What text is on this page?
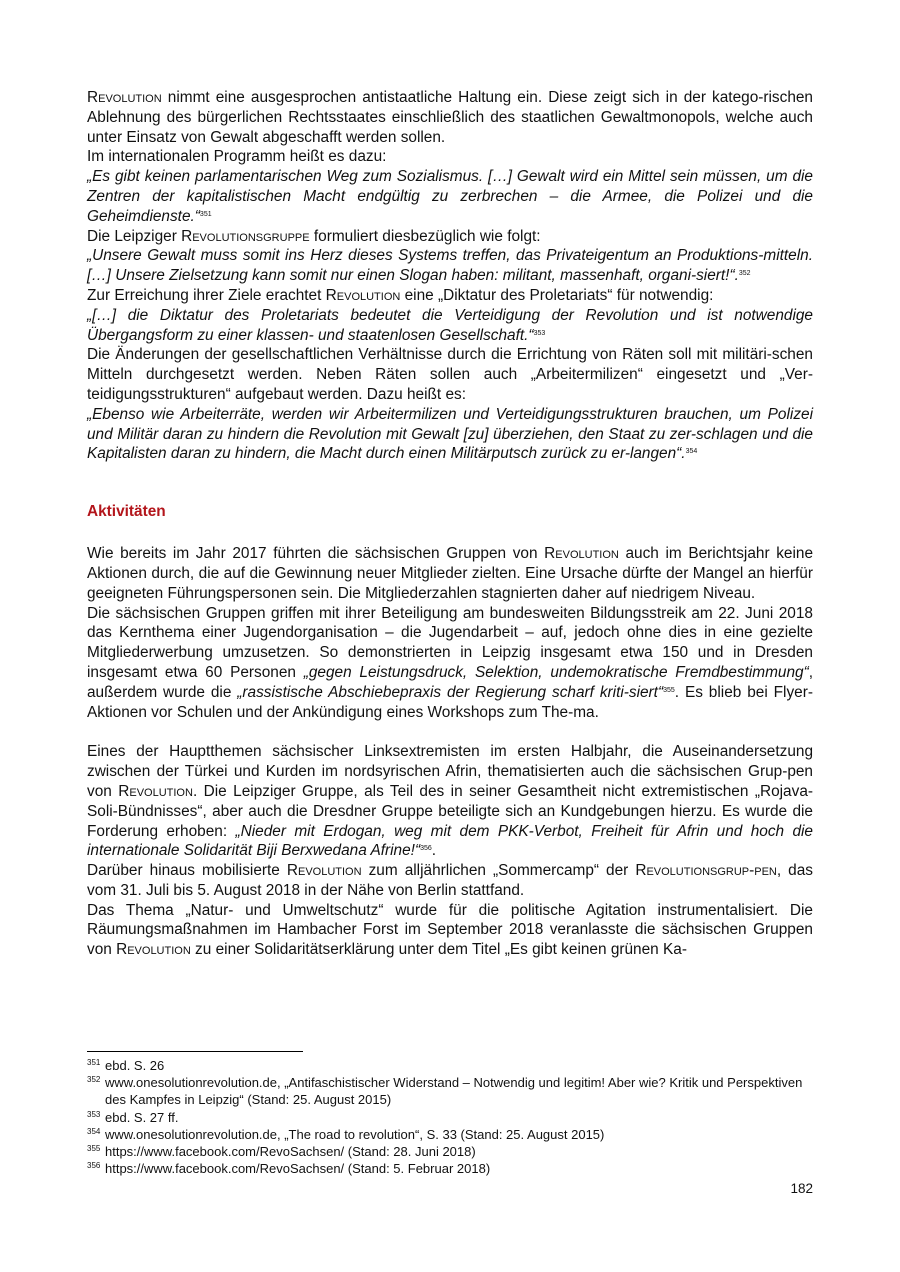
Revolution nimmt eine ausgesprochen antistaatliche Haltung ein. Diese zeigt sich in der katego-rischen Ablehnung des bürgerlichen Rechtsstaates einschließlich des staatlichen Gewaltmonopols, welche auch unter Einsatz von Gewalt abgeschafft werden sollen.

Im internationalen Programm heißt es dazu:

„Es gibt keinen parlamentarischen Weg zum Sozialismus. […] Gewalt wird ein Mittel sein müssen, um die Zentren der kapitalistischen Macht endgültig zu zerbrechen – die Armee, die Polizei und die Geheimdienste.“$^{351}$

Die Leipziger Revolutionsgruppe formuliert diesbezüglich wie folgt:

„Unsere Gewalt muss somit ins Herz dieses Systems treffen, das Privateigentum an Produktions-mitteln. […] Unsere Zielsetzung kann somit nur einen Slogan haben: militant, massenhaft, organi-siert!“.$^{352}$

Zur Erreichung ihrer Ziele erachtet Revolution eine „Diktatur des Proletariats“ für notwendig:

„[…] die Diktatur des Proletariats bedeutet die Verteidigung der Revolution und ist notwendige Übergangsform zu einer klassen- und staatenlosen Gesellschaft.“$^{353}$

Die Änderungen der gesellschaftlichen Verhältnisse durch die Errichtung von Räten soll mit militäri-schen Mitteln durchgesetzt werden. Neben Räten sollen auch „Arbeitermilizen“ eingesetzt und „Ver-teidigungsstrukturen“ aufgebaut werden. Dazu heißt es:

„Ebenso wie Arbeiterräte, werden wir Arbeitermilizen und Verteidigungsstrukturen brauchen, um Polizei und Militär daran zu hindern die Revolution mit Gewalt [zu] überziehen, den Staat zu zer-schlagen und die Kapitalisten daran zu hindern, die Macht durch einen Militärputsch zurück zu er-langen“.$^{354}$

Aktivitäten

Wie bereits im Jahr 2017 führten die sächsischen Gruppen von Revolution auch im Berichtsjahr keine Aktionen durch, die auf die Gewinnung neuer Mitglieder zielten. Eine Ursache dürfte der Mangel an hierfür geeigneten Führungspersonen sein. Die Mitgliederzahlen stagnierten daher auf niedrigem Niveau.

Die sächsischen Gruppen griffen mit ihrer Beteiligung am bundesweiten Bildungsstreik am 22. Juni 2018 das Kernthema einer Jugendorganisation – die Jugendarbeit – auf, jedoch ohne dies in eine gezielte Mitgliederwerbung umzusetzen. So demonstrierten in Leipzig insgesamt etwa 150 und in Dresden insgesamt etwa 60 Personen „gegen Leistungsdruck, Selektion, undemokratische Fremdbestimmung“, außerdem wurde die „rassistische Abschiebepraxis der Regierung scharf kriti-siert“$^{355}$. Es blieb bei Flyer-Aktionen vor Schulen und der Ankündigung eines Workshops zum The-ma.

Eines der Hauptthemen sächsischer Linksextremisten im ersten Halbjahr, die Auseinandersetzung zwischen der Türkei und Kurden im nordsyrischen Afrin, thematisierten auch die sächsischen Grup-pen von Revolution. Die Leipziger Gruppe, als Teil des in seiner Gesamtheit nicht extremistischen „Rojava-Soli-Bündnisses“, aber auch die Dresdner Gruppe beteiligte sich an Kundgebungen hierzu. Es wurde die Forderung erhoben: „Nieder mit Erdogan, weg mit dem PKK-Verbot, Freiheit für Afrin und hoch die internationale Solidarität Biji Berxwedana Afrine!“$^{356}$.

Darüber hinaus mobilisierte Revolution zum alljährlichen „Sommercamp“ der Revolutionsgrup-pen, das vom 31. Juli bis 5. August 2018 in der Nähe von Berlin stattfand.

Das Thema „Natur- und Umweltschutz“ wurde für die politische Agitation instrumentalisiert. Die Räumungsmaßnahmen im Hambacher Forst im September 2018 veranlasste die sächsischen Gruppen von Revolution zu einer Solidaritätserklärung unter dem Titel „Es gibt keinen grünen Ka-

351 ebd. S. 26
352 www.onesolutionrevolution.de, „Antifaschistischer Widerstand – Notwendig und legitim! Aber wie? Kritik und Perspektiven des Kampfes in Leipzig“ (Stand: 25. August 2015)
353 ebd. S. 27 ff.
354 www.onesolutionrevolution.de, „The road to revolution“, S. 33 (Stand: 25. August 2015)
355 https://www.facebook.com/RevoSachsen/ (Stand: 28. Juni 2018)
356 https://www.facebook.com/RevoSachsen/ (Stand: 5. Februar 2018)
182
